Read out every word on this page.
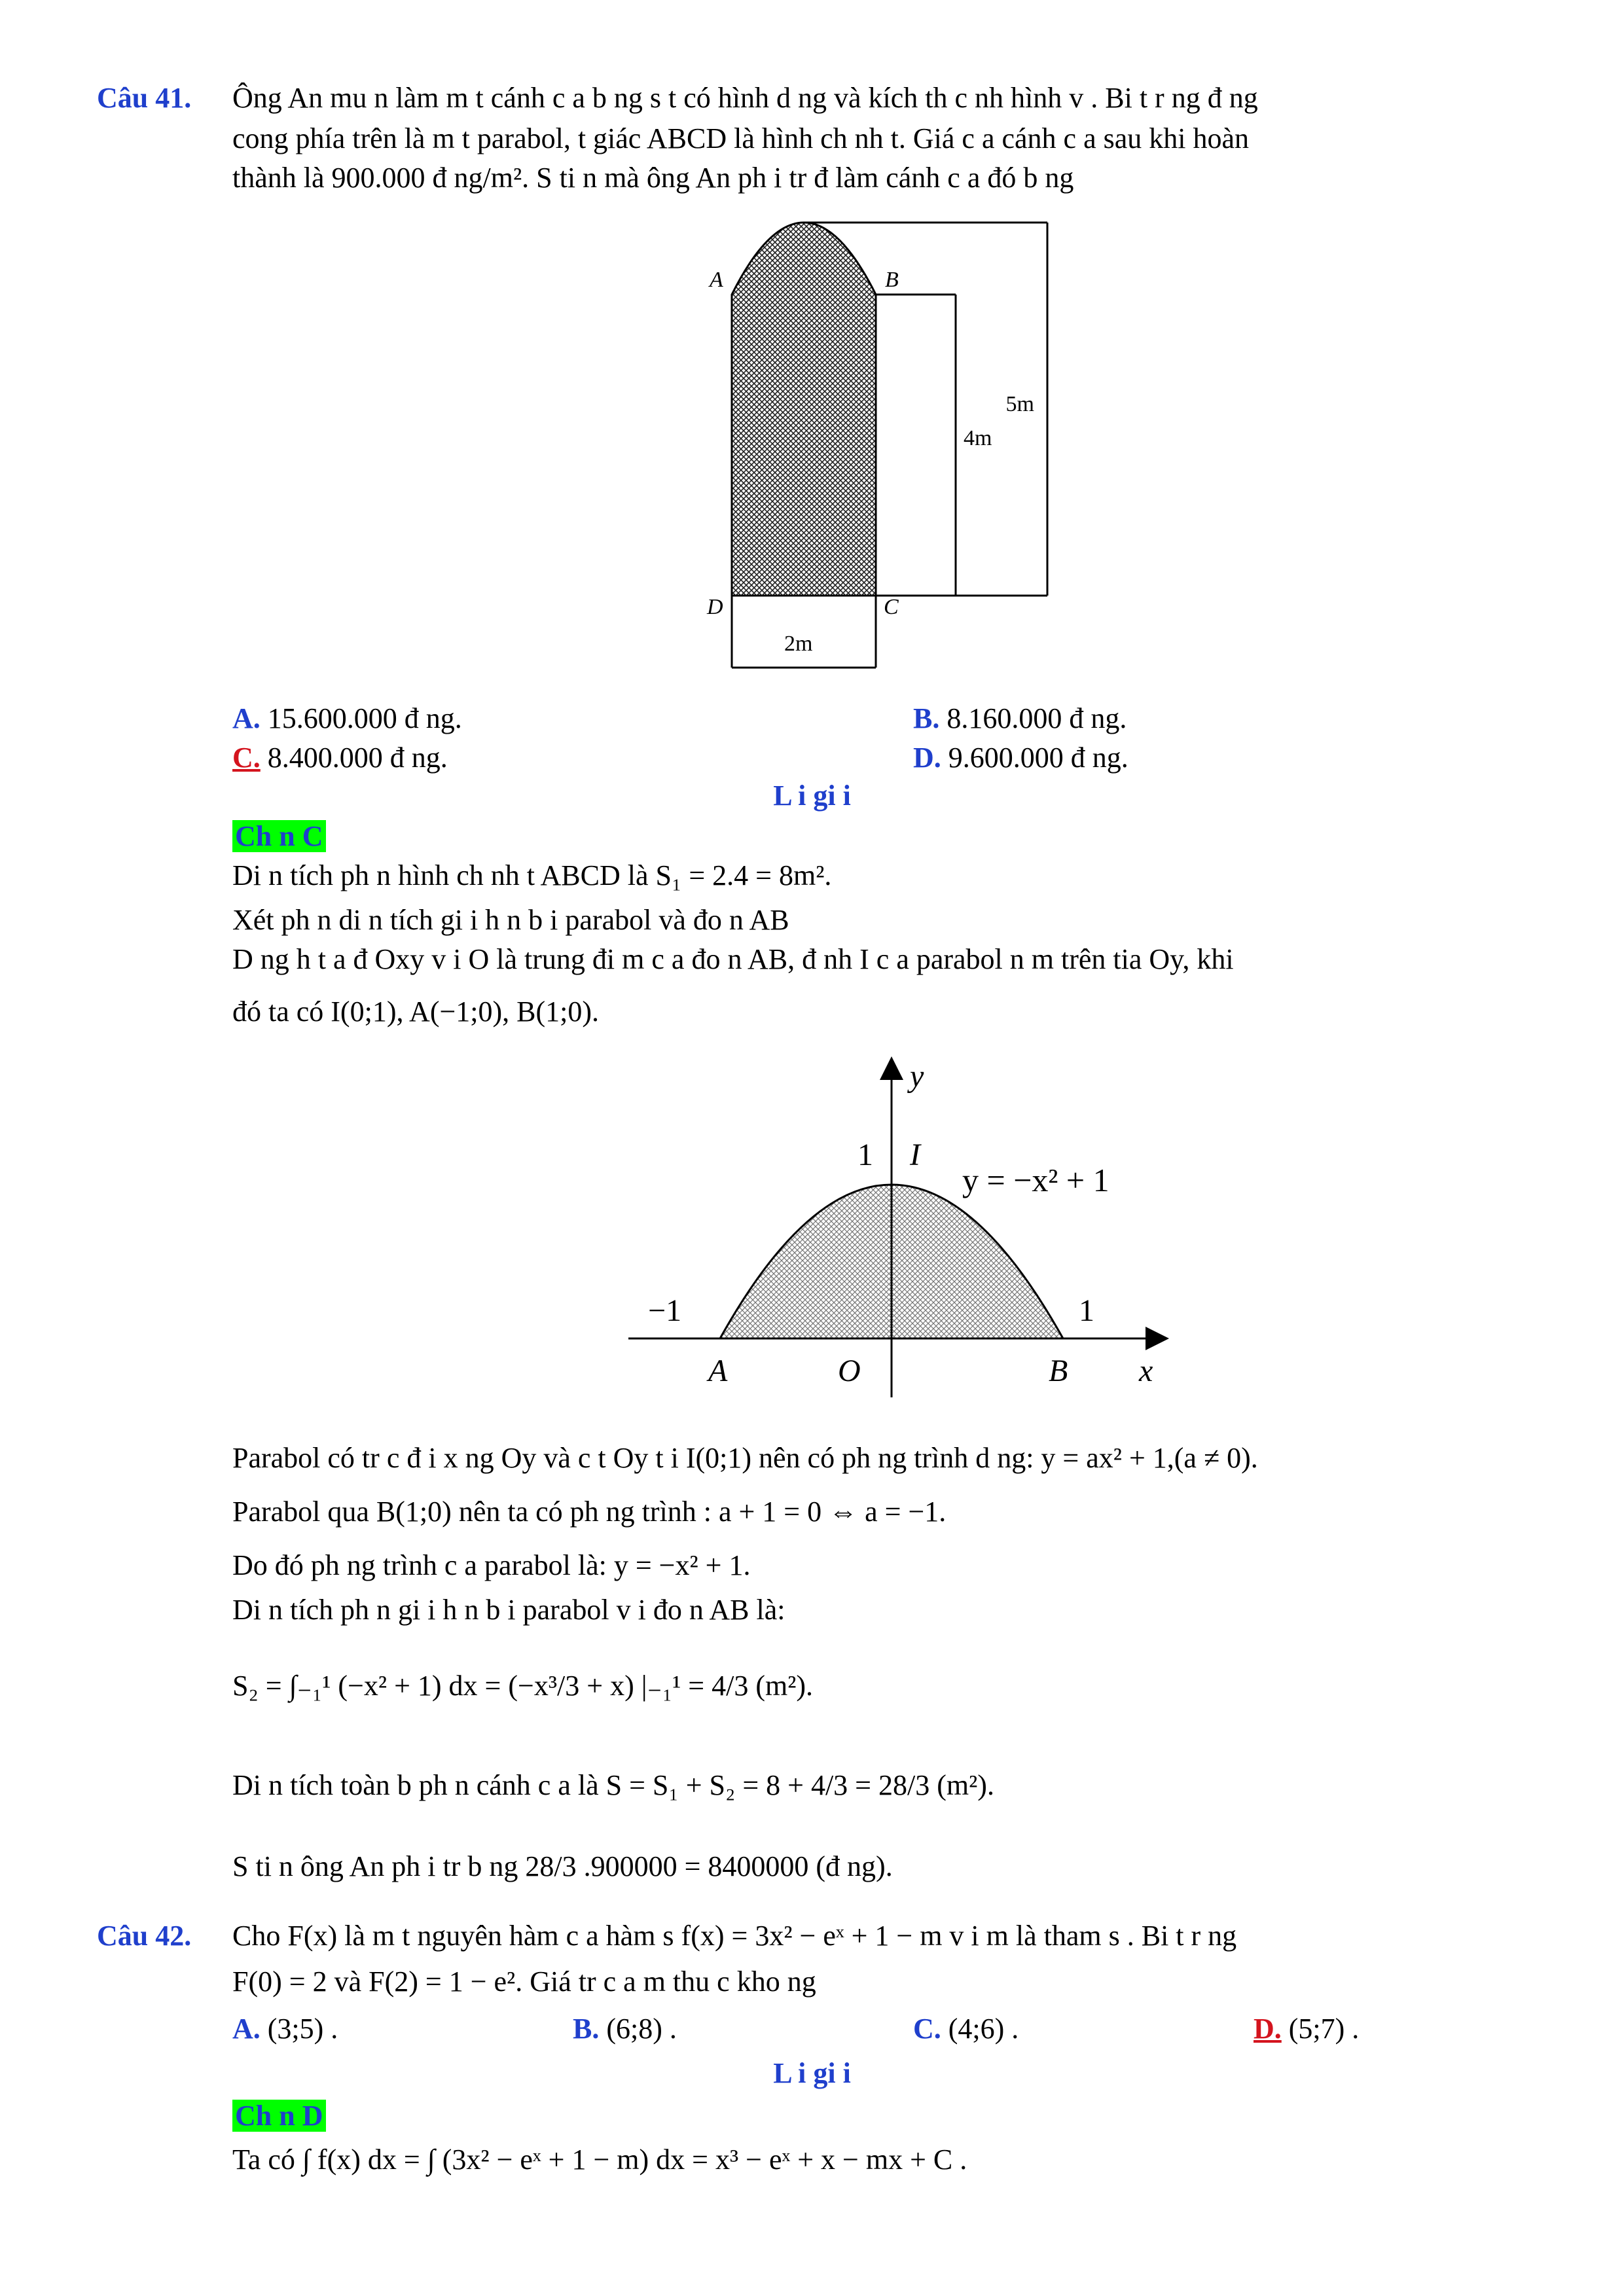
Câu 41. Ông An mu n làm m t cánh c a b ng s t có hình d ng và kích th c nh hình v . Bi t r ng đ ng
cong phía trên là m t parabol, t giác ABCD là hình ch nh t. Giá c a cánh c a sau khi hoàn
thành là 900.000 đ ng/m². S ti n mà ông An ph i tr đ làm cánh c a đó b ng
A	B
D	C
2m
4m
5m
A. 15.600.000 đ ng.	B. 8.160.000 đ ng.
C. 8.400.000 đ ng.	D. 9.600.000 đ ng.
L i gi i
Ch n C
Di n tích ph n hình ch nh t ABCD là S₁ = 2.4 = 8m².
Xét ph n di n tích gi i h n b i parabol và đo n AB
D ng h t a đ Oxy v i O là trung đi m c a đo n AB, đ nh I c a parabol n m trên tia Oy, khi
đó ta có I(0;1), A(−1;0), B(1;0).
y
x
1 I
y = −x² + 1
−1	1
A	O	B
Parabol có tr c đ i x ng Oy và c t Oy t i I(0;1) nên có ph ng trình d ng: y = ax² + 1,(a ≠ 0).
Parabol qua B(1;0) nên ta có ph ng trình : a + 1 = 0 ⇔ a = −1.
Do đó ph ng trình c a parabol là: y = −x² + 1.
Di n tích ph n gi i h n b i parabol v i đo n AB là:
S₂ = ∫₋₁¹ (−x² + 1) dx = (−x³/3 + x) |₋₁¹ = 4/3 (m²).
Di n tích toàn b ph n cánh c a là S = S₁ + S₂ = 8 + 4/3 = 28/3 (m²).
S ti n ông An ph i tr b ng 28/3 .900000 = 8400000 (đ ng).
Câu 42. Cho F(x) là m t nguyên hàm c a hàm s f(x) = 3x² − eˣ + 1 − m v i m là tham s . Bi t r ng
F(0) = 2 và F(2) = 1 − e². Giá tr c a m thu c kho ng
A. (3;5) .	B. (6;8) .	C. (4;6) .	D. (5;7) .
L i gi i
Ch n D
Ta có ∫ f(x) dx = ∫ (3x² − eˣ + 1 − m) dx = x³ − eˣ + x − mx + C .
